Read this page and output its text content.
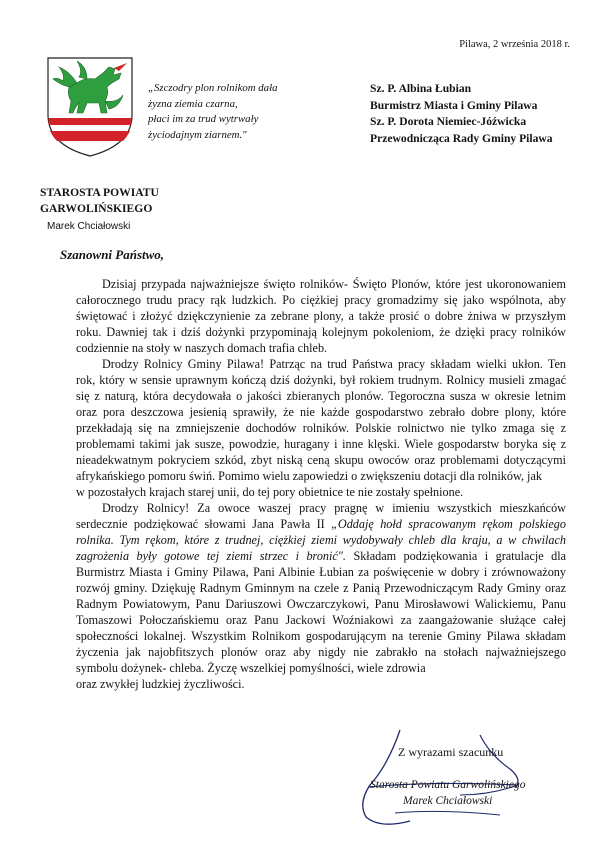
Pilawa, 2 września 2018 r.
„Szczodry plon rolnikom dała
żyzna ziemia czarna,
płaci im za trud wytrwały
życiodajnym ziarnem."
Sz. P. Albina Łubian
Burmistrz Miasta i Gminy Pilawa
Sz. P. Dorota Niemiec-Jóźwicka
Przewodnicząca Rady Gminy Pilawa
STAROSTA POWIATU
GARWOLIŃSKIEGO
Marek Chciałowski
Szanowni Państwo,

Dzisiaj przypada najważniejsze święto rolników- Święto Plonów, które jest ukoronowaniem
całorocznego trudu pracy rąk ludzkich. Po ciężkiej pracy gromadzimy się jako wspólnota, aby
świętować i złożyć dziękczynienie za zebrane plony, a także prosić o dobre żniwa w przyszłym
roku. Dawniej tak i dziś dożynki przypominają kolejnym pokoleniom, że dzięki pracy rolników
codziennie na stoły w naszych domach trafia chleb.

Drodzy Rolnicy Gminy Pilawa! Patrząc na trud Państwa pracy składam wielki ukłon. Ten
rok, który w sensie uprawnym kończą dziś dożynki, był rokiem trudnym. Rolnicy musieli zmagać
się z naturą, która decydowała o jakości zbieranych plonów. Tegoroczna susza w okresie letnim
oraz pora deszczowa jesienią sprawiły, że nie każde gospodarstwo zebrało dobre plony, które
przekładają się na zmniejszenie dochodów rolników. Polskie rolnictwo nie tylko zmaga się z
problemami takimi jak susze, powodzie, huragany i inne klęski. Wiele gospodarstw boryka się z
nieadekwatnym pokryciem szkód, zbyt niską ceną skupu owoców oraz problemami dotyczącymi
afrykańskiego pomoru świń. Pomimo wielu zapowiedzi o zwiększeniu dotacji dla rolników, jak
w pozostałych krajach starej unii, do tej pory obietnice te nie zostały spełnione.

Drodzy Rolnicy! Za owoce waszej pracy pragnę w imieniu wszystkich mieszkańców
serdecznie podziękować słowami Jana Pawła II „Oddaję hołd spracowanym rękom polskiego
rolnika. Tym rękom, które z trudnej, ciężkiej ziemi wydobywały chleb dla kraju, a w chwilach
zagrożenia były gotowe tej ziemi strzec i bronić". Składam podziękowania i gratulacje dla
Burmistrz Miasta i Gminy Pilawa, Pani Albinie Łubian za poświęcenie w dobry i zrównoważony
rozwój gminy. Dziękuję Radnym Gminnym na czele z Panią Przewodniczącym Rady Gminy oraz
Radnym Powiatowym, Panu Dariuszowi Owczarczykowi, Panu Mirosławowi Walickiemu, Panu
Tomaszowi Połoczańskiemu oraz Panu Jackowi Woźniakowi za zaangażowanie służące całej
społeczności lokalnej. Wszystkim Rolnikom gospodarującym na terenie Gminy Pilawa składam
życzenia jak najobfitszych plonów oraz aby nigdy nie zabrakło na stołach najważniejszego
symbolu dożynek- chleba. Życzę wszelkiej pomyślności, wiele zdrowia
oraz zwykłej ludzkiej życzliwości.

Z wyrazami szacunku
Starosta Powiatu Garwolińskiego
Marek Chciałowski
